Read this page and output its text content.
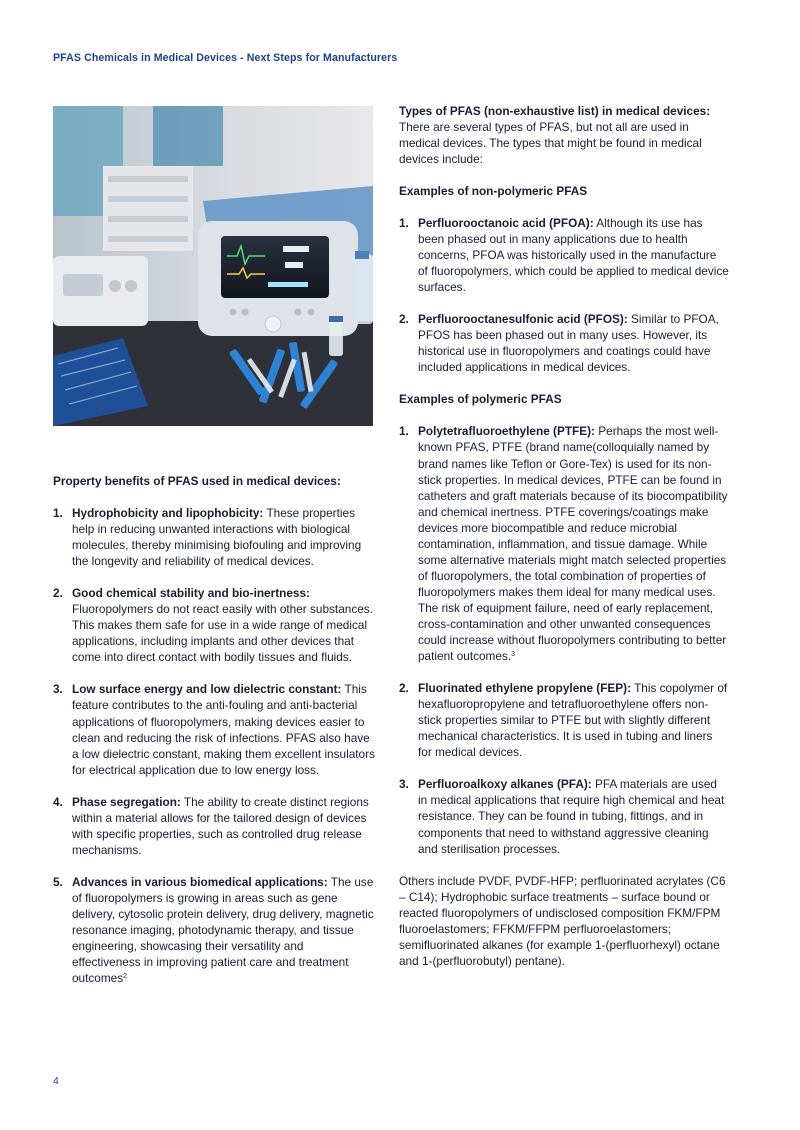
PFAS Chemicals in Medical Devices - Next Steps for Manufacturers
Property benefits of PFAS used in medical devices:
1. Hydrophobicity and lipophobicity: These properties help in reducing unwanted interactions with biological molecules, thereby minimising biofouling and improving the longevity and reliability of medical devices.
2. Good chemical stability and bio-inertness: Fluoropolymers do not react easily with other substances. This makes them safe for use in a wide range of medical applications, including implants and other devices that come into direct contact with bodily tissues and fluids.
3. Low surface energy and low dielectric constant: This feature contributes to the anti-fouling and anti-bacterial applications of fluoropolymers, making devices easier to clean and reducing the risk of infections. PFAS also have a low dielectric constant, making them excellent insulators for electrical application due to low energy loss.
4. Phase segregation: The ability to create distinct regions within a material allows for the tailored design of devices with specific properties, such as controlled drug release mechanisms.
5. Advances in various biomedical applications: The use of fluoropolymers is growing in areas such as gene delivery, cytosolic protein delivery, drug delivery, magnetic resonance imaging, photodynamic therapy, and tissue engineering, showcasing their versatility and effectiveness in improving patient care and treatment outcomes$^2$
Types of PFAS (non-exhaustive list) in medical devices:

There are several types of PFAS, but not all are used in medical devices. The types that might be found in medical devices include:

Examples of non-polymeric PFAS
1. Perfluorooctanoic acid (PFOA): Although its use has been phased out in many applications due to health concerns, PFOA was historically used in the manufacture of fluoropolymers, which could be applied to medical device surfaces.
2. Perfluorooctanesulfonic acid (PFOS): Similar to PFOA, PFOS has been phased out in many uses. However, its historical use in fluoropolymers and coatings could have included applications in medical devices.
Examples of polymeric PFAS
1. Polytetrafluoroethylene (PTFE): Perhaps the most well-known PFAS, PTFE (brand name(colloquially named by brand names like Teflon or Gore-Tex) is used for its non-stick properties. In medical devices, PTFE can be found in catheters and graft materials because of its biocompatibility and chemical inertness. PTFE coverings/coatings make devices more biocompatible and reduce microbial contamination, inflammation, and tissue damage. While some alternative materials might match selected properties of fluoropolymers, the total combination of properties of fluoropolymers makes them ideal for many medical uses. The risk of equipment failure, need of early replacement, cross-contamination and other unwanted consequences could increase without fluoropolymers contributing to better patient outcomes.$^3$
2. Fluorinated ethylene propylene (FEP): This copolymer of hexafluoropropylene and tetrafluoroethylene offers non-stick properties similar to PTFE but with slightly different mechanical characteristics. It is used in tubing and liners for medical devices.
3. Perfluoroalkoxy alkanes (PFA): PFA materials are used in medical applications that require high chemical and heat resistance. They can be found in tubing, fittings, and in components that need to withstand aggressive cleaning and sterilisation processes.

Others include PVDF, PVDF-HFP; perfluorinated acrylates (C6 – C14); Hydrophobic surface treatments – surface bound or reacted fluoropolymers of undisclosed composition FKM/FPM fluoroelastomers; FFKM/FFPM perfluoroelastomers; semifluorinated alkanes (for example 1-(perfluorhexyl) octane and 1-(perfluorobutyl) pentane).

4
